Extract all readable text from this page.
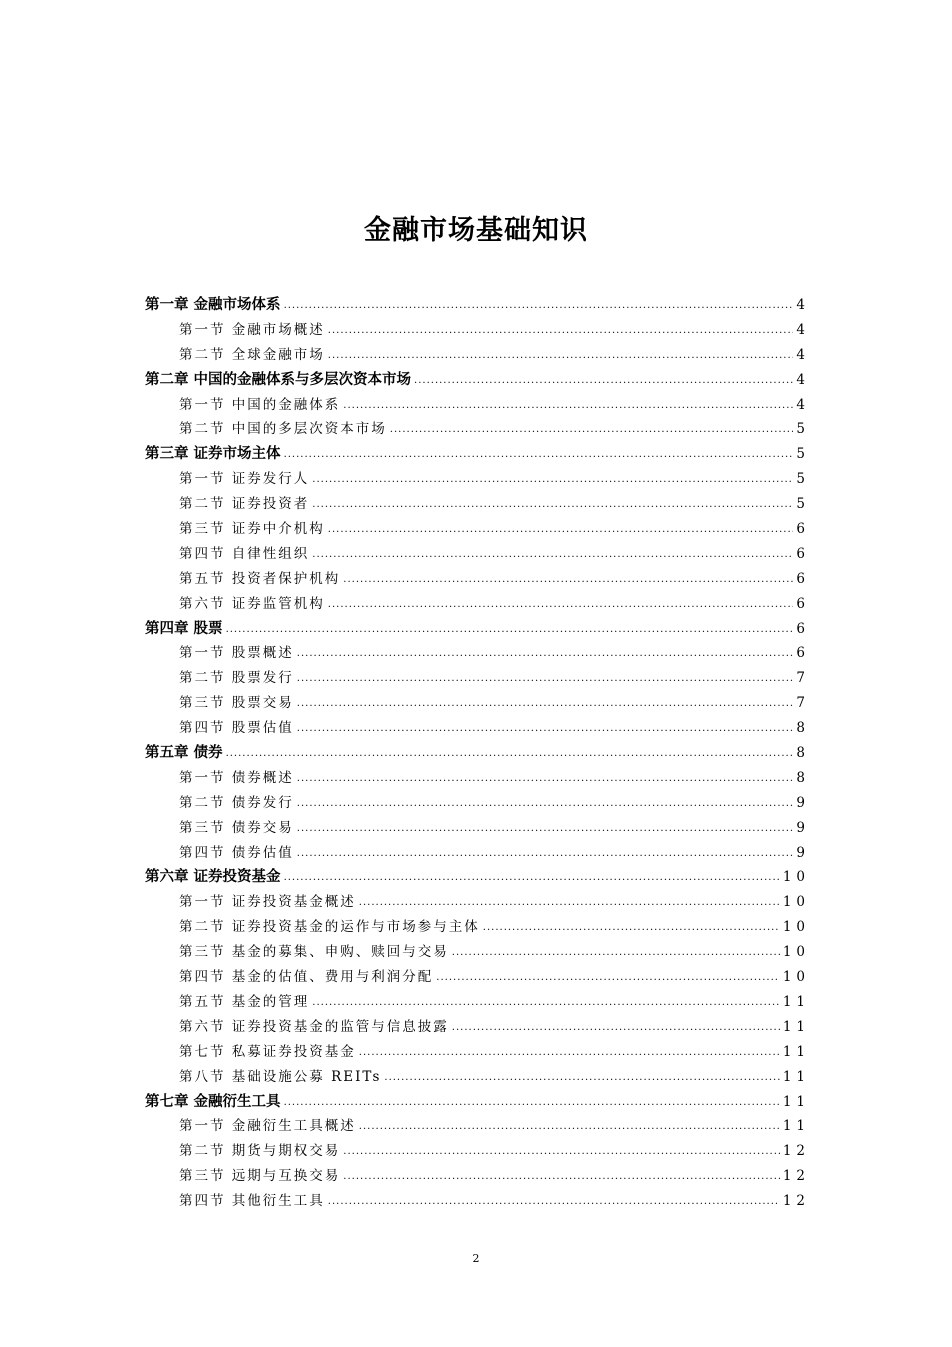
金融市场基础知识
第一章 金融市场体系 .....	4
第一节 金融市场概述 .....	4
第二节 全球金融市场 .....	4
第二章 中国的金融体系与多层次资本市场 .....	4
第一节 中国的金融体系 .....	4
第二节 中国的多层次资本市场 .....	5
第三章 证券市场主体 .....	5
第一节 证券发行人 .....	5
第二节 证券投资者 .....	5
第三节 证券中介机构 .....	6
第四节 自律性组织 .....	6
第五节 投资者保护机构 .....	6
第六节 证券监管机构 .....	6
第四章 股票 .....	6
第一节 股票概述 .....	6
第二节 股票发行 .....	7
第三节 股票交易 .....	7
第四节 股票估值 .....	8
第五章 债券 .....	8
第一节 债券概述 .....	8
第二节 债券发行 .....	9
第三节 债券交易 .....	9
第四节 债券估值 .....	9
第六章 证券投资基金 .....	10
第一节 证券投资基金概述 .....	10
第二节 证券投资基金的运作与市场参与主体 .....	10
第三节 基金的募集、申购、赎回与交易 .....	10
第四节 基金的估值、费用与利润分配 .....	10
第五节 基金的管理 .....	11
第六节 证券投资基金的监管与信息披露 .....	11
第七节 私募证券投资基金 .....	11
第八节 基础设施公募 REITs .....	11
第七章 金融衍生工具 .....	11
第一节 金融衍生工具概述 .....	11
第二节 期货与期权交易 .....	12
第三节 远期与互换交易 .....	12
第四节 其他衍生工具 .....	12
2
